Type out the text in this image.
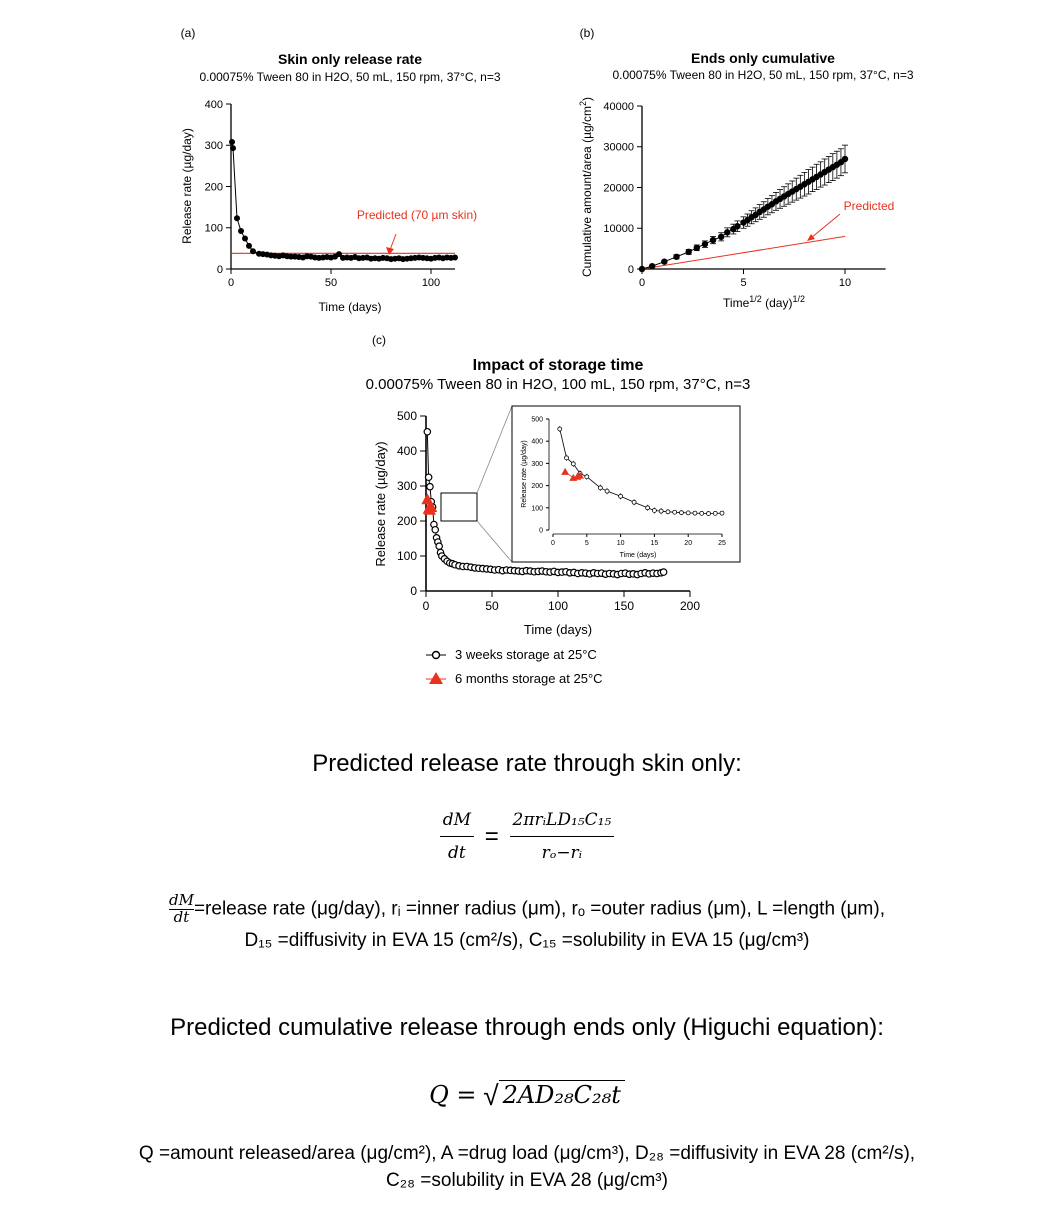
(a)
Skin only release rate
0.00075% Tween 80 in H2O, 50 mL, 150 rpm, 37°C, n=3
Time (days)
Release rate (µg/day)	Predicted (70 µm skin)
0
100
200
300
400
0	50	100
(b)
Ends only cumulative
0.00075% Tween 80 in H2O, 50 mL, 150 rpm, 37°C, n=3
Time$^{1/2}$ (day)$^{1/2}$
Cumulative amount/area $(\mu g/cm^2)$
Predicted
0
10000
20000
30000
40000
0	5	10
(c)
Impact of storage time
0.00075% Tween 80 in H2O, 100 mL, 150 rpm, 37°C, n=3
Time (days)
Release rate (µg/day)
0
100
200
300
400
500
0	50	100	150	200
0
100
200
300
400
500
0	5	10	15	20	25
Time (days)
Release rate (µg/day)
3 weeks storage at 25°C
6 months storage at 25°C
Predicted release rate through skin only:
$\frac{dM}{dt} = \frac{\text{2πrᵢLD₁₅C₁₅}}{\text{rₒ−rᵢ}}$
$\frac{dM}{dt}$ =release rate (μg/day), rᵢ =inner radius (μm), rₒ =outer radius (μm), L =length (μm),
D₁₅ =diffusivity in EVA 15 (cm²/s), C₁₅ =solubility in EVA 15 (μg/cm³)
Predicted cumulative release through ends only (Higuchi equation):
Q = √ 2AD₂₈C₂₈t
Q =amount released/area (μg/cm²), A =drug load (μg/cm³), D₂₈ =diffusivity in EVA 28 (cm²/s),
C₂₈ =solubility in EVA 28 (μg/cm³)
